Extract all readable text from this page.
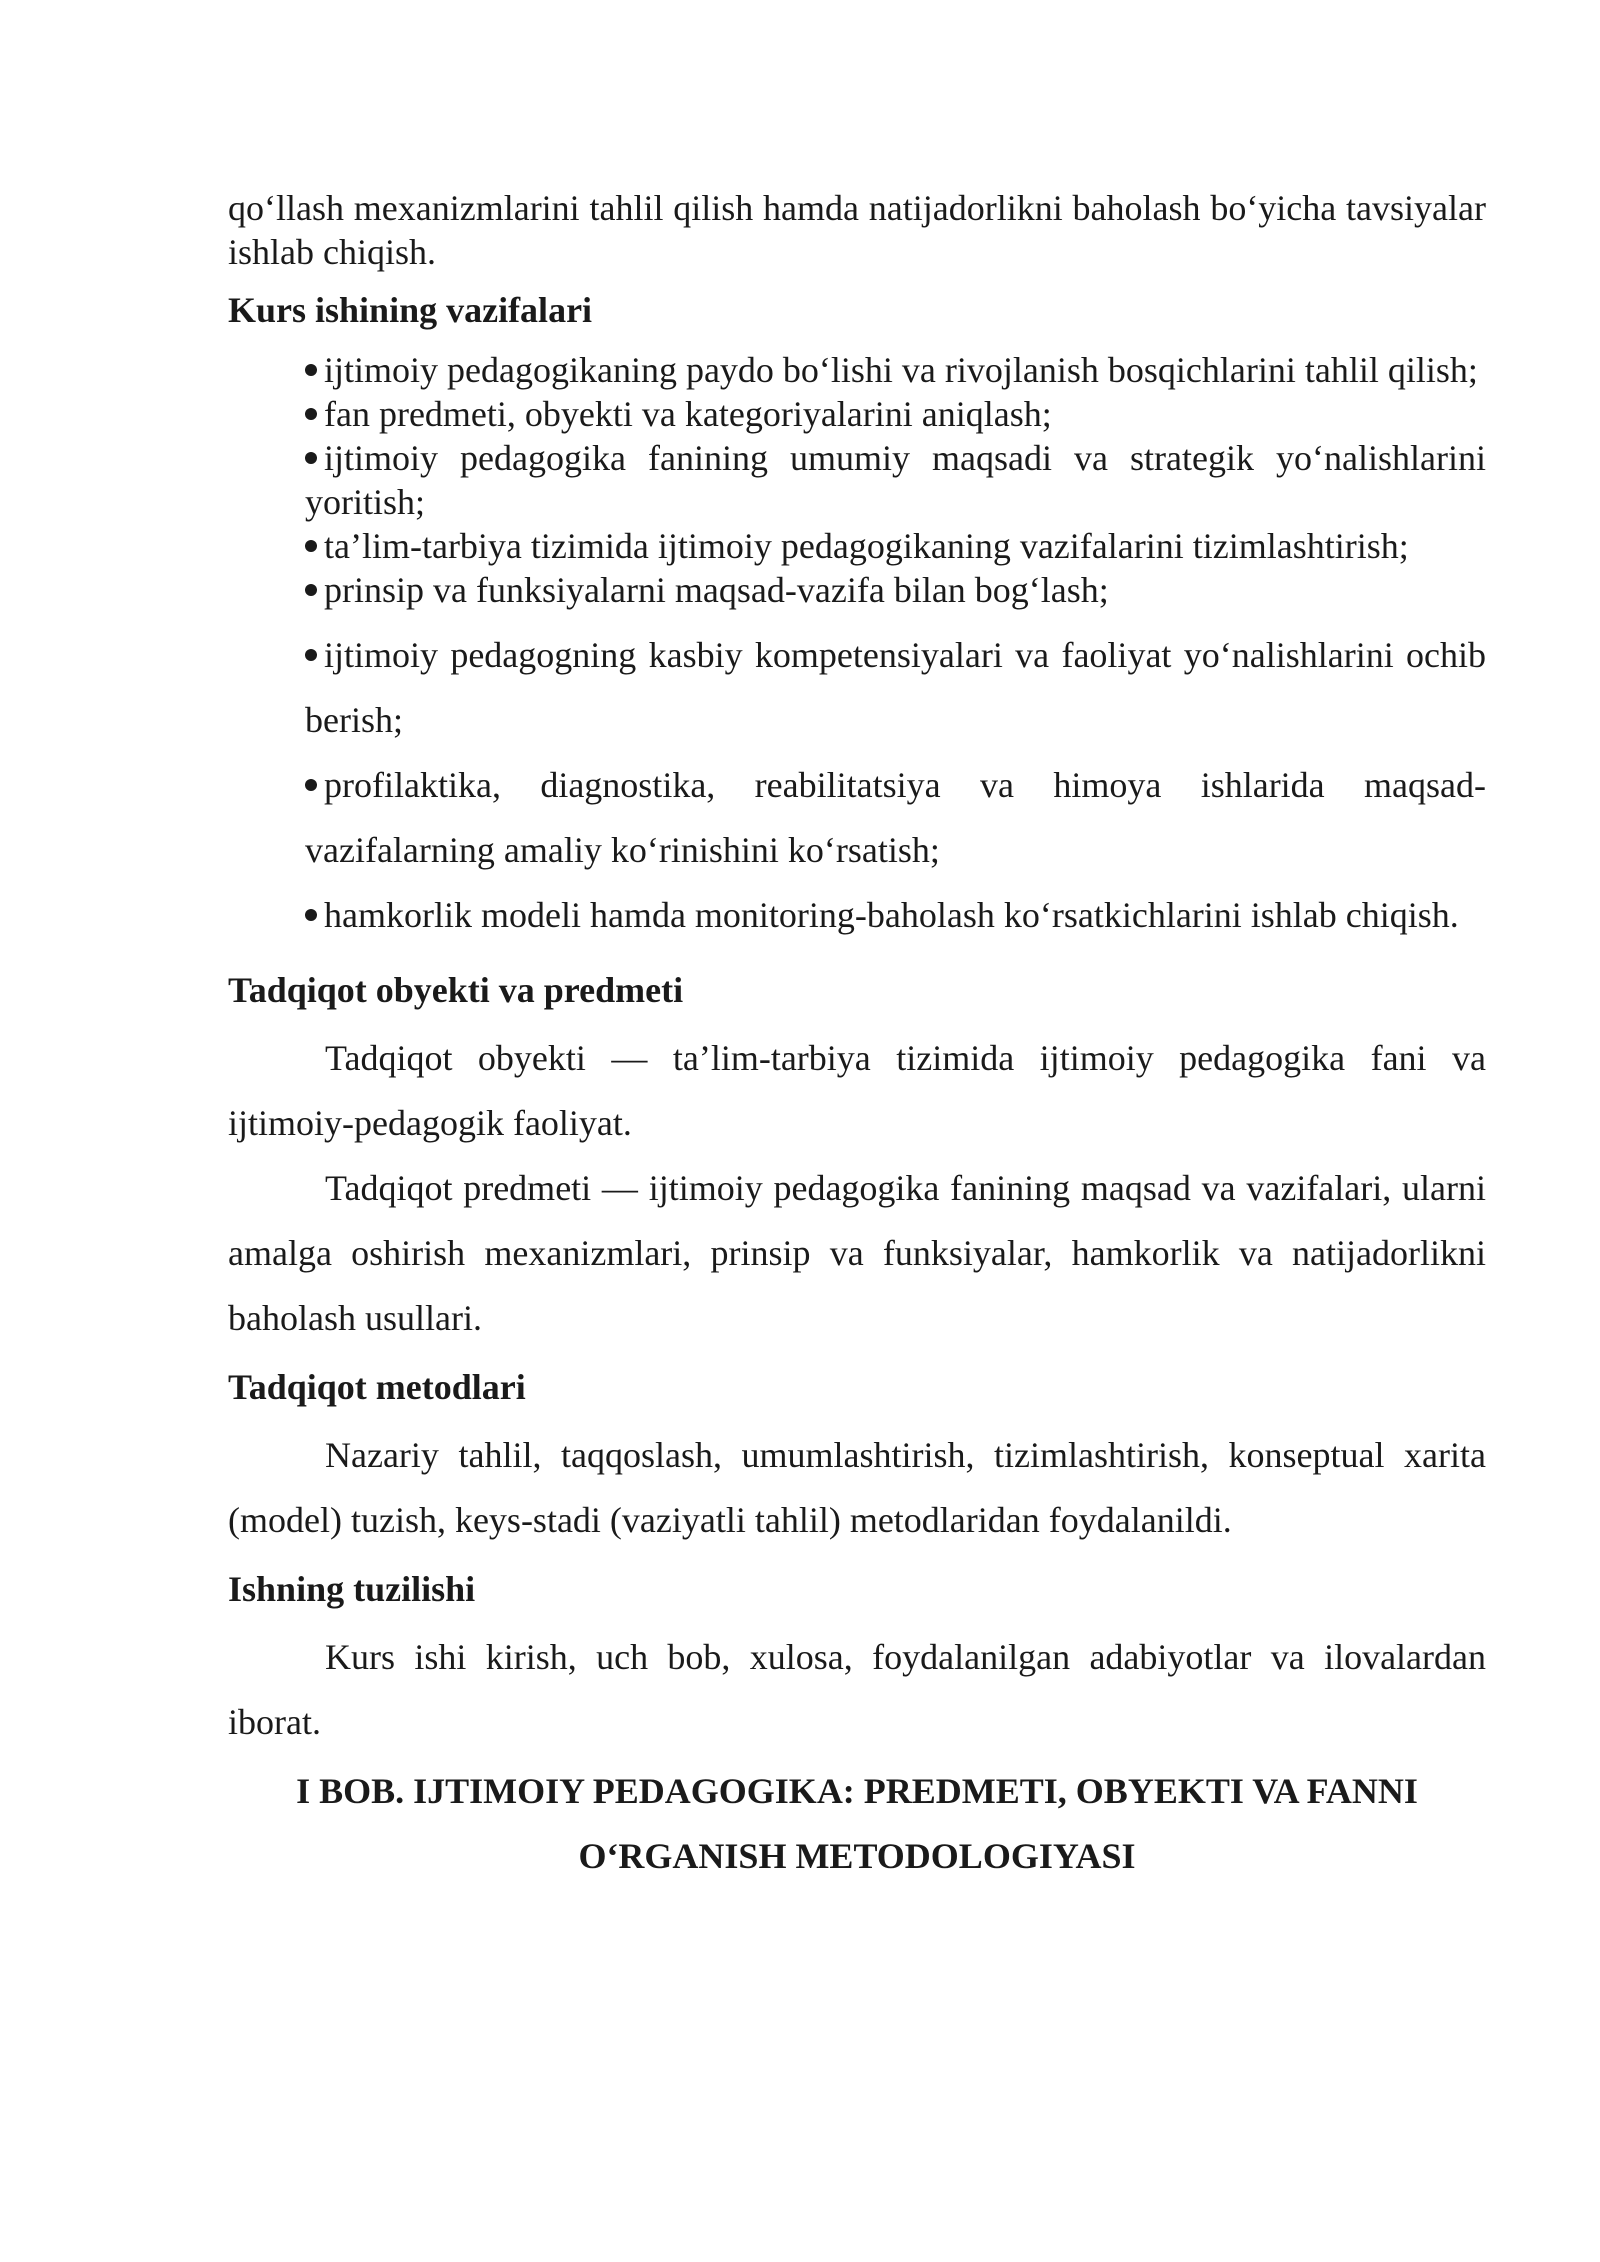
qo‘llash mexanizmlarini tahlil qilish hamda natijadorlikni baholash bo‘yicha tavsiyalar ishlab chiqish.

Kurs ishining vazifalari
ijtimoiy pedagogikaning paydo bo‘lishi va rivojlanish bosqichlarini tahlil qilish;
fan predmeti, obyekti va kategoriyalarini aniqlash;
ijtimoiy pedagogika fanining umumiy maqsadi va strategik yo‘nalishlarini yoritish;
ta’lim-tarbiya tizimida ijtimoiy pedagogikaning vazifalarini tizimlashtirish;
prinsip va funksiyalarni maqsad-vazifa bilan bog‘lash;
ijtimoiy pedagogning kasbiy kompetensiyalari va faoliyat yo‘nalishlarini ochib berish;
profilaktika, diagnostika, reabilitatsiya va himoya ishlarida maqsad-vazifalarning amaliy ko‘rinishini ko‘rsatish;
hamkorlik modeli hamda monitoring-baholash ko‘rsatkichlarini ishlab chiqish.
Tadqiqot obyekti va predmeti

Tadqiqot obyekti — ta’lim-tarbiya tizimida ijtimoiy pedagogika fani va ijtimoiy-pedagogik faoliyat.

Tadqiqot predmeti — ijtimoiy pedagogika fanining maqsad va vazifalari, ularni amalga oshirish mexanizmlari, prinsip va funksiyalar, hamkorlik va natijadorlikni baholash usullari.

Tadqiqot metodlari

Nazariy tahlil, taqqoslash, umumlashtirish, tizimlashtirish, konseptual xarita (model) tuzish, keys-stadi (vaziyatli tahlil) metodlaridan foydalanildi.

Ishning tuzilishi

Kurs ishi kirish, uch bob, xulosa, foydalanilgan adabiyotlar va ilovalardan iborat.

I BOB. IJTIMOIY PEDAGOGIKA: PREDMETI, OBYEKTI VA FANNI
O‘RGANISH METODOLOGIYASI
